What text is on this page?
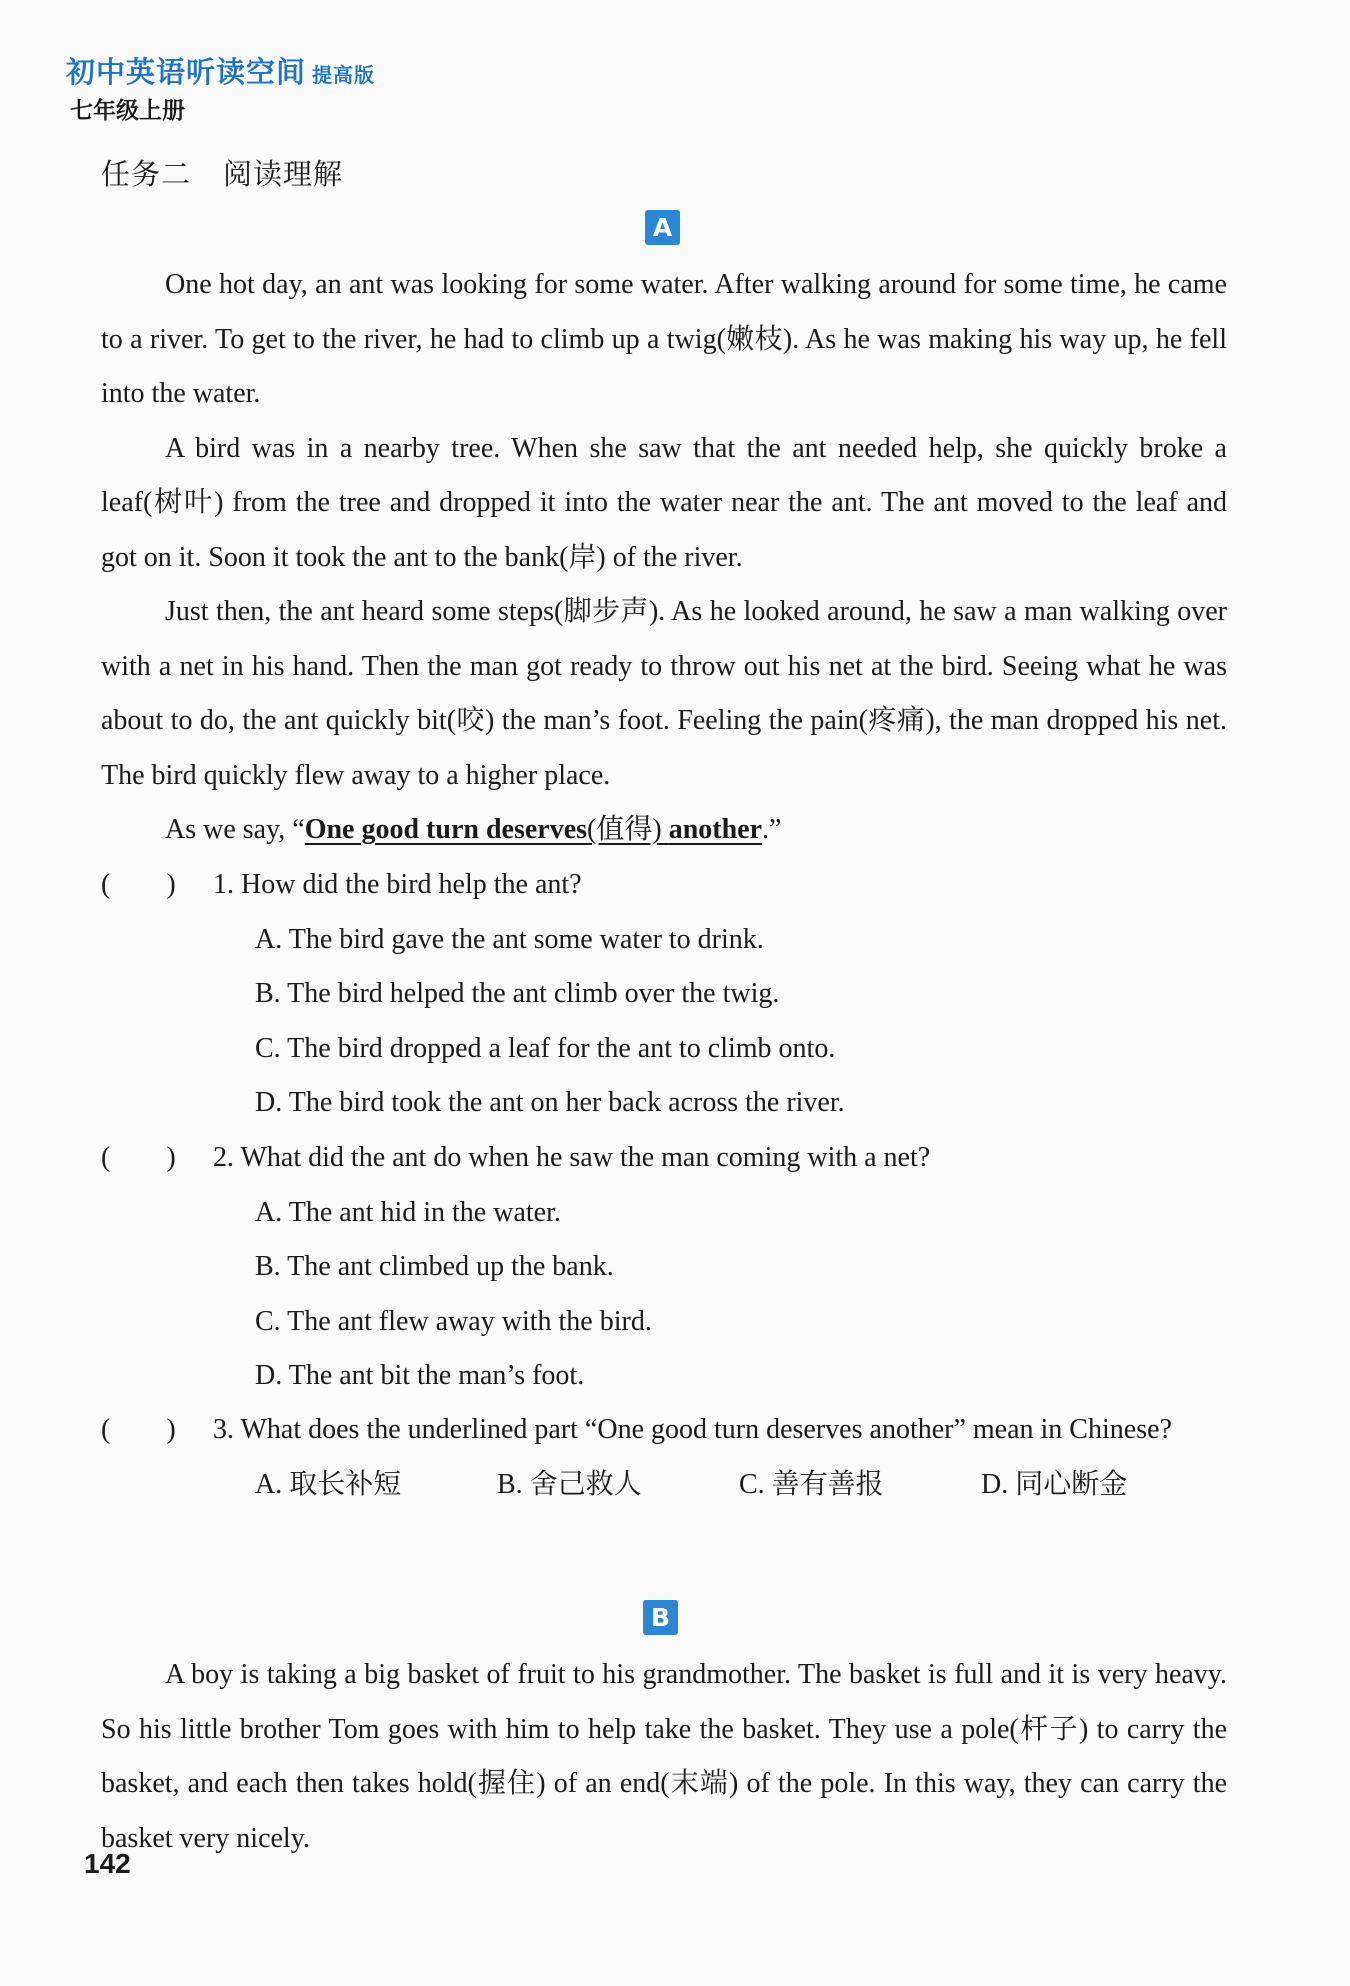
初中英语听读空间 提高版
七年级上册
任务二 阅读理解
A

One hot day, an ant was looking for some water. After walking around for some time, he came to a river. To get to the river, he had to climb up a twig(嫩枝). As he was making his way up, he fell into the water.

A bird was in a nearby tree. When she saw that the ant needed help, she quickly broke a leaf(树叶) from the tree and dropped it into the water near the ant. The ant moved to the leaf and got on it. Soon it took the ant to the bank(岸) of the river.

Just then, the ant heard some steps(脚步声). As he looked around, he saw a man walking over with a net in his hand. Then the man got ready to throw out his net at the bird. Seeing what he was about to do, the ant quickly bit(咬) the man’s foot. Feeling the pain(疼痛), the man dropped his net. The bird quickly flew away to a higher place.

As we say, “One good turn deserves(值得) another.”
(        )	1. How did the bird help the ant?
A. The bird gave the ant some water to drink.
B. The bird helped the ant climb over the twig.
C. The bird dropped a leaf for the ant to climb onto.
D. The bird took the ant on her back across the river.
(        )	2. What did the ant do when he saw the man coming with a net?
A. The ant hid in the water.
B. The ant climbed up the bank.
C. The ant flew away with the bird.
D. The ant bit the man’s foot.
(        )	3. What does the underlined part “One good turn deserves another” mean in Chinese?
A. 取长补短	B. 舍己救人	C. 善有善报	D. 同心断金
B

A boy is taking a big basket of fruit to his grandmother. The basket is full and it is very heavy. So his little brother Tom goes with him to help take the basket. They use a pole(杆子) to carry the basket, and each then takes hold(握住) of an end(末端) of the pole. In this way, they can carry the basket very nicely.

142
